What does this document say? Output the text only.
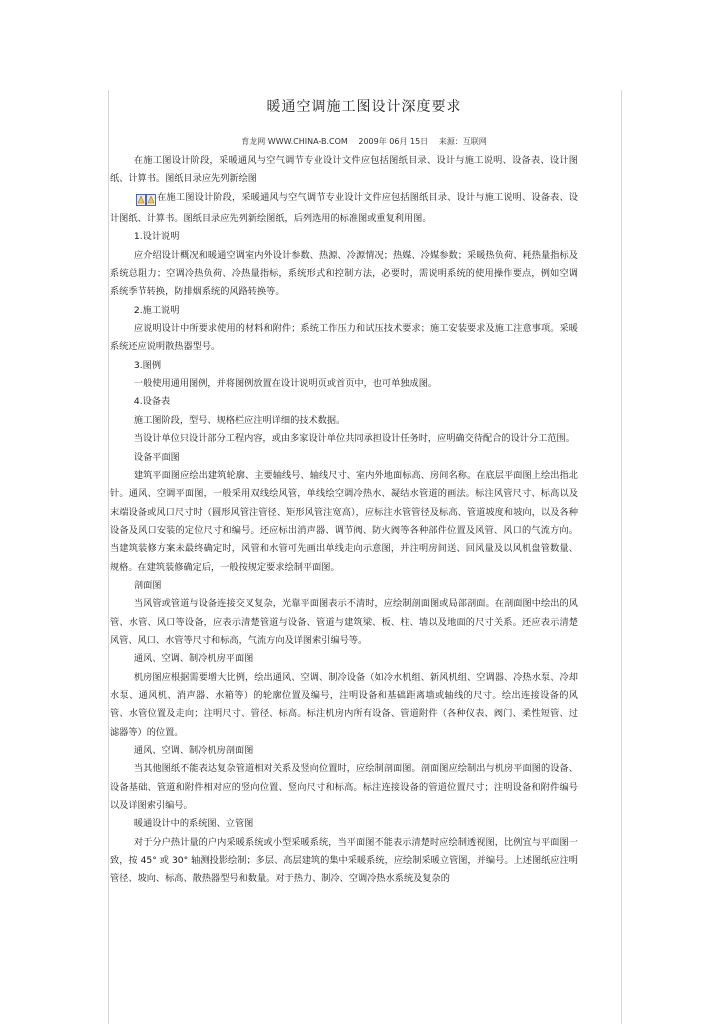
暖通空调施工图设计深度要求
育龙网 WWW.CHINA-B.COM 2009年 06月 15日 来源：互联网

在施工图设计阶段，采暖通风与空气调节专业设计文件应包括图纸目录、设计与施工说明、设备表、设计图纸、计算书。图纸目录应先列新绘图

在施工图设计阶段，采暖通风与空气调节专业设计文件应包括图纸目录、设计与施工说明、设备表、设计图纸、计算书。图纸目录应先列新绘图纸，后列选用的标准图或重复利用图。

1.设计说明

应介绍设计概况和暖通空调室内外设计参数、热源、冷源情况；热媒、冷媒参数；采暖热负荷、耗热量指标及系统总阻力；空调冷热负荷、冷热量指标，系统形式和控制方法，必要时，需说明系统的使用操作要点，例如空调系统季节转换，防排烟系统的风路转换等。

2.施工说明

应说明设计中所要求使用的材料和附件；系统工作压力和试压技术要求；施工安装要求及施工注意事项。采暖系统还应说明散热器型号。

3.图例

一般使用通用图例，并将图例放置在设计说明页或首页中，也可单独成图。

4.设备表

施工图阶段，型号、规格栏应注明详细的技术数据。

当设计单位只设计部分工程内容，或由多家设计单位共同承担设计任务时，应明确交待配合的设计分工范围。

设备平面图

建筑平面图应绘出建筑轮廓、主要轴线号、轴线尺寸、室内外地面标高、房间名称。在底层平面图上绘出指北针。通风、空调平面图，一般采用双线绘风管，单线绘空调冷热水、凝结水管道的画法。标注风管尺寸、标高以及末端设备或风口尺寸时（圆形风管注管径、矩形风管注宽高），应标注水管管径及标高、管道坡度和坡向，以及各种设备及风口安装的定位尺寸和编号。还应标出消声器、调节阀、防火阀等各种部件位置及风管、风口的气流方向。当建筑装修方案未最终确定时，风管和水管可先画出单线走向示意图，并注明房间送、回风量及以风机盘管数量、规格。在建筑装修确定后，一般按规定要求绘制平面图。

剖面图

当风管或管道与设备连接交叉复杂，光靠平面图表示不清时，应绘制剖面图或局部剖面。在剖面图中绘出的风管、水管、风口等设备，应表示清楚管道与设备、管道与建筑梁、板、柱、墙以及地面的尺寸关系。还应表示清楚风管、风口、水管等尺寸和标高，气流方向及详图索引编号等。

通风、空调、制冷机房平面图

机房图应根据需要增大比例，绘出通风、空调、制冷设备（如冷水机组、新风机组、空调器、冷热水泵、冷却水泵、通风机、消声器、水箱等）的轮廓位置及编号，注明设备和基础距离墙或轴线的尺寸。绘出连接设备的风管、水管位置及走向；注明尺寸、管径、标高。标注机房内所有设备、管道附件（各种仪表、阀门、柔性短管、过滤器等）的位置。

通风、空调、制冷机房剖面图

当其他图纸不能表达复杂管道相对关系及竖向位置时，应绘制剖面图。剖面图应绘制出与机房平面图的设备、设备基础、管道和附件相对应的竖向位置、竖向尺寸和标高。标注连接设备的管道位置尺寸；注明设备和附件编号以及详图索引编号。

暖通设计中的系统图、立管图

对于分户热计量的户内采暖系统或小型采暖系统，当平面图不能表示清楚时应绘制透视图，比例宜与平面图一致，按 45° 或 30° 轴测投影绘制；多层、高层建筑的集中采暖系统，应绘制采暖立管图，并编号。上述图纸应注明管径、坡向、标高、散热器型号和数量。对于热力、制冷、空调冷热水系统及复杂的
